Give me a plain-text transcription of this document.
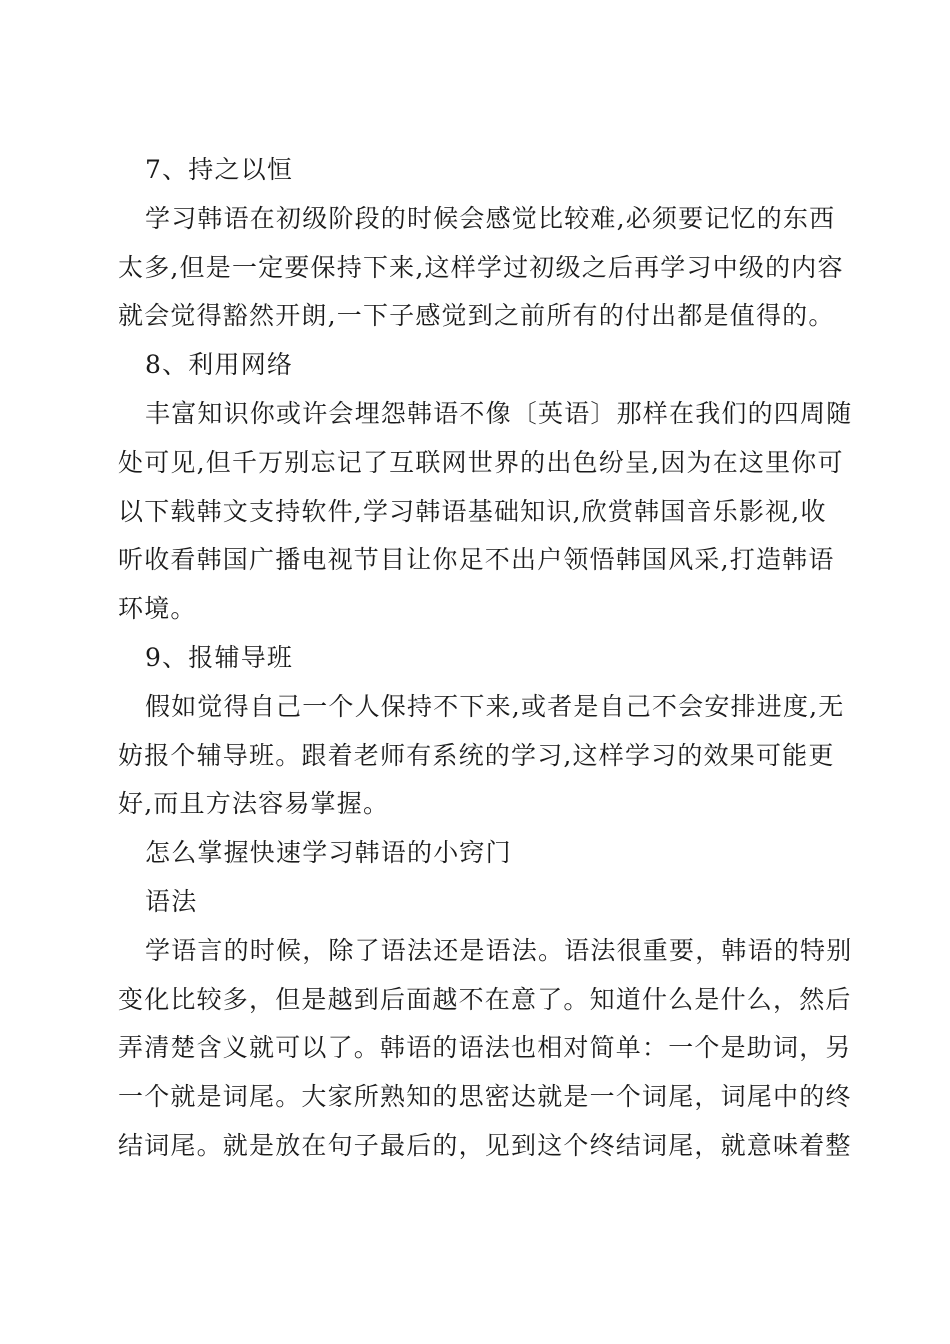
7、持之以恒
学习韩语在初级阶段的时候会感觉比较难,必须要记忆的东西
太多,但是一定要保持下来,这样学过初级之后再学习中级的内容
就会觉得豁然开朗,一下子感觉到之前所有的付出都是值得的。
8、利用网络
丰富知识你或许会埋怨韩语不像〔英语〕那样在我们的四周随
处可见,但千万别忘记了互联网世界的出色纷呈,因为在这里你可
以下载韩文支持软件,学习韩语基础知识,欣赏韩国音乐影视,收
听收看韩国广播电视节目让你足不出户领悟韩国风采,打造韩语
环境。
9、报辅导班
假如觉得自己一个人保持不下来,或者是自己不会安排进度,无
妨报个辅导班。跟着老师有系统的学习,这样学习的效果可能更
好,而且方法容易掌握。
怎么掌握快速学习韩语的小窍门
语法
学语言的时候，除了语法还是语法。语法很重要，韩语的特别
变化比较多，但是越到后面越不在意了。知道什么是什么，然后
弄清楚含义就可以了。韩语的语法也相对简单：一个是助词，另
一个就是词尾。大家所熟知的思密达就是一个词尾，词尾中的终
结词尾。就是放在句子最后的，见到这个终结词尾，就意味着整
